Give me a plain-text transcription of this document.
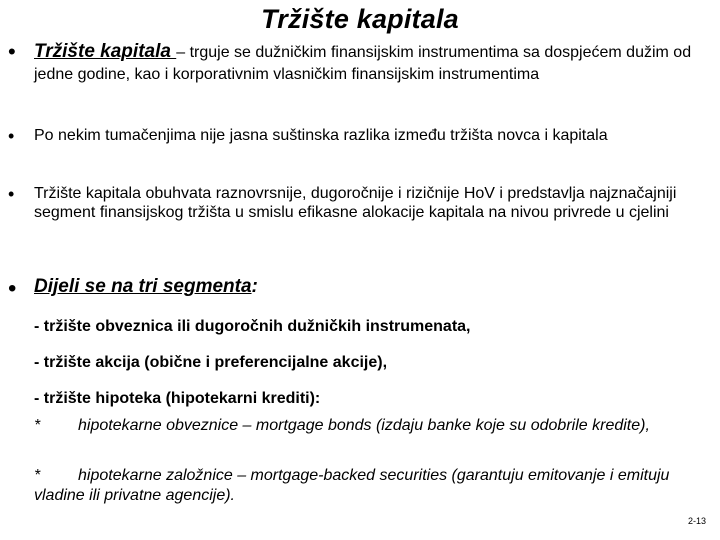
Tržište kapitala
• Tržište kapitala – trguje se dužničkim finansijskim instrumentima sa dospjećem dužim od jedne godine, kao i korporativnim vlasničkim finansijskim instrumentima
• Po nekim tumačenjima nije jasna suštinska razlika između tržišta novca i kapitala
• Tržište kapitala obuhvata raznovrsnije, dugoročnije i rizičnije HoV i predstavlja najznačajniji segment finansijskog tržišta u smislu efikasne alokacije kapitala na nivou privrede u cjelini
• Dijeli se na tri segmenta:
- tržište obveznica ili dugoročnih dužničkih instrumenata,
- tržište akcija (obične i preferencijalne akcije),
- tržište hipoteka (hipotekarni krediti):
* hipotekarne obveznice – mortgage bonds (izdaju banke koje su odobrile kredite),
* hipotekarne založnice – mortgage-backed securities (garantuju emitovanje i emituju vladine ili privatne agencije).
2-13
